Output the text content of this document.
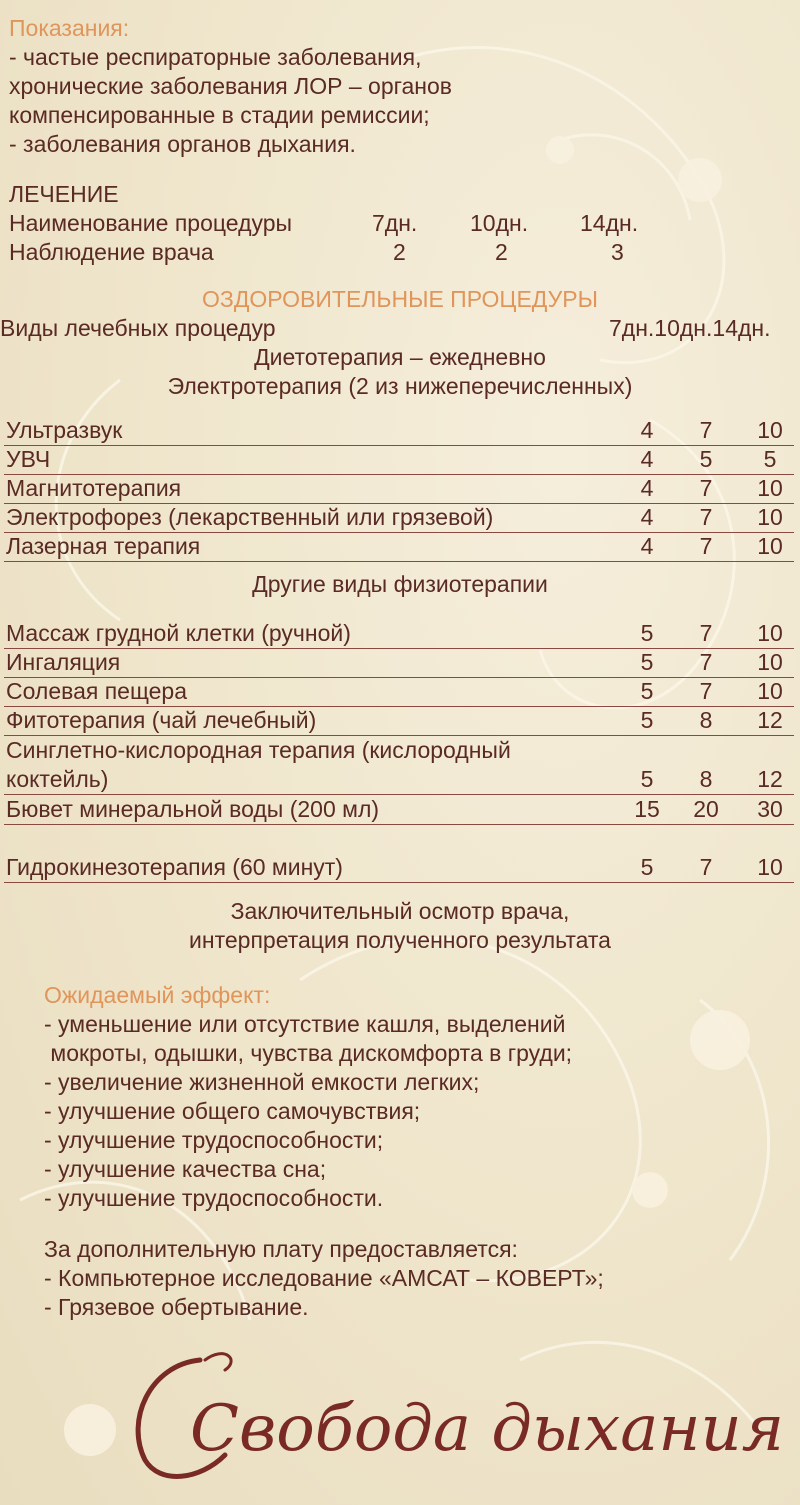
Показания:
- частые респираторные заболевания,
хронические заболевания ЛОР – органов
компенсированные в стадии ремиссии;
- заболевания органов дыхания.
ЛЕЧЕНИЕ
Наименование процедуры	7дн. 10дн. 14дн.
Наблюдение врача	2	2	3
ОЗДОРОВИТЕЛЬНЫЕ ПРОЦЕДУРЫ
Виды лечебных процедур	7дн.10дн.14дн.
Диетотерапия – ежедневно
Электротерапия (2 из нижеперечисленных)
Ультразвук	4	7	10
УВЧ	4	5	5
Магнитотерапия	4	7	10
Электрофорез (лекарственный или грязевой)	4	7	10
Лазерная терапия	4	7	10
Другие виды физиотерапии
Массаж грудной клетки (ручной)	5	7	10
Ингаляция	5	7	10
Солевая пещера	5	7	10
Фитотерапия (чай лечебный)	5	8	12
Синглетно-кислородная терапия (кислородный коктейль)	5	8	12
Бювет минеральной воды (200 мл)	15	20	30
Гидрокинезотерапия (60 минут)	5	7	10
Заключительный осмотр врача,
интерпретация полученного результата
Ожидаемый эффект:
- уменьшение или отсутствие кашля, выделений
мокроты, одышки, чувства дискомфорта в груди;
- увеличение жизненной емкости легких;
- улучшение общего самочувствия;
- улучшение трудоспособности;
- улучшение качества сна;
- улучшение трудоспособности.
За дополнительную плату предоставляется:
- Компьютерное исследование «АМСАТ – КОВЕРТ»;
- Грязевое обертывание.
Свобода дыхания
